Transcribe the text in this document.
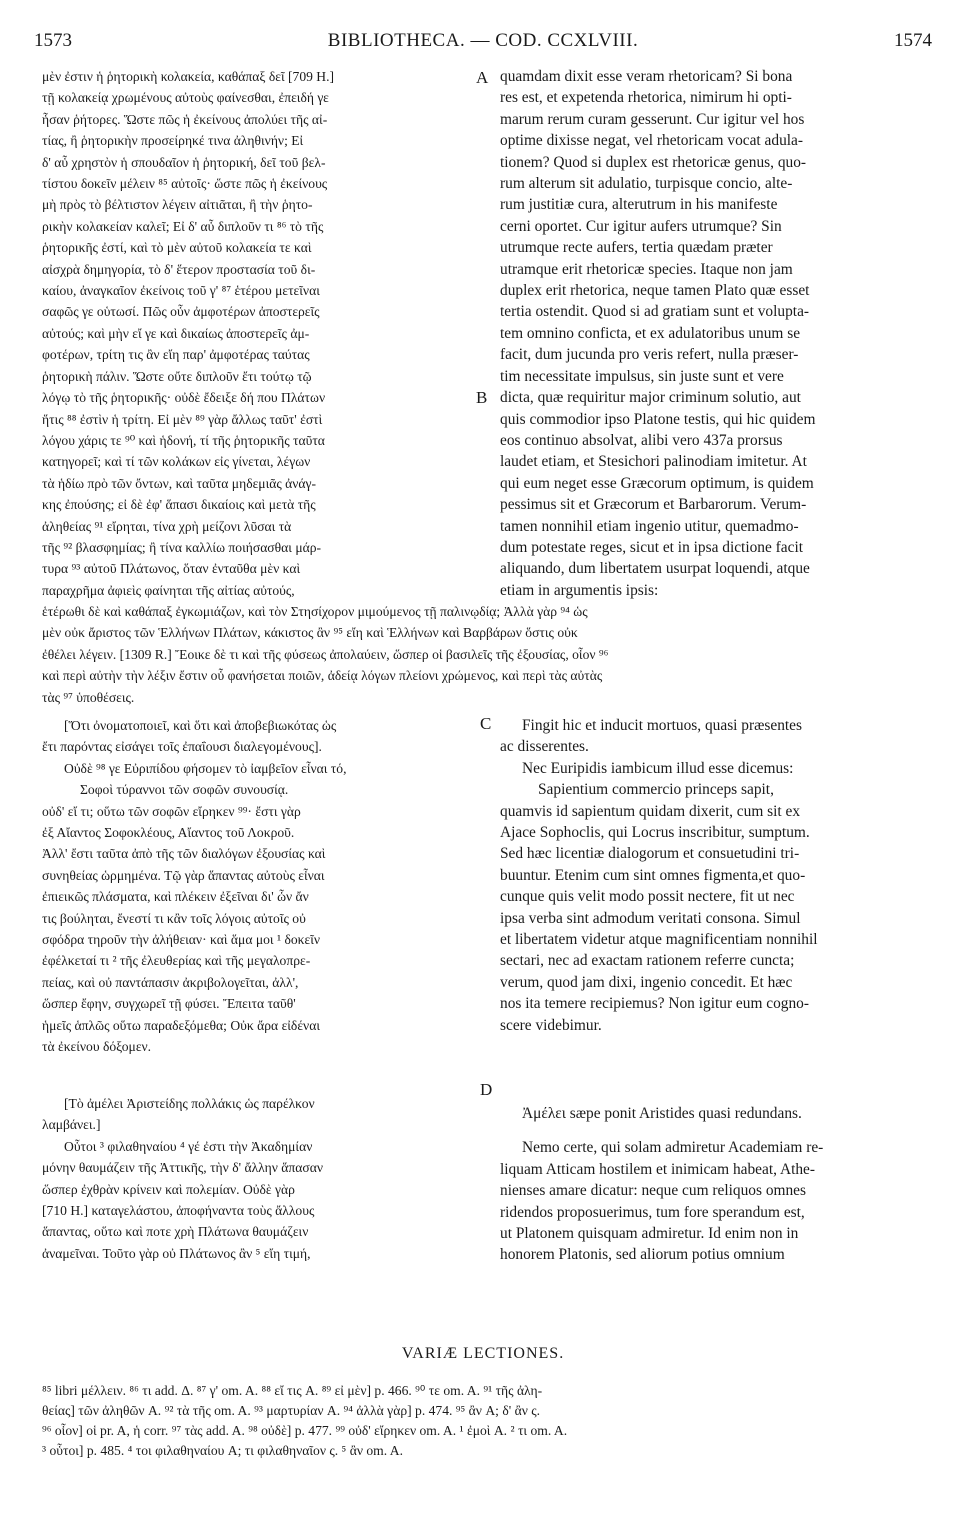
1573	BIBLIOTHECA. — COD. CCXLVIII.	1574
μὲν ἐστιν ἡ ῥητορικὴ κολακεία, καθάπαξ δεῖ [709 H.]
τῇ κολακείᾳ χρωμένους αὐτοὺς φαίνεσθαι, ἐπειδή γε
ἦσαν ῥήτορες. Ὥστε πῶς ἡ ἐκείνους ἀπολύει τῆς αἰ-
τίας, ἢ ῥητορικὴν προσείρηκέ τινα ἀληθινήν; Εἰ
δ' αὖ χρηστὸν ἡ σπουδαῖον ἡ ῥητορική, δεῖ τοῦ βελ-
τίστου δοκεῖν μέλειν ⁸⁵ αὐτοῖς· ὥστε πῶς ἡ ἐκείνους
μὴ πρὸς τὸ βέλτιστον λέγειν αἰτιᾶται, ἢ τὴν ῥητο-
ρικὴν κολακείαν καλεῖ; Εἰ δ' αὖ διπλοῦν τι ⁸⁶ τὸ τῆς
ῥητορικῆς ἐστί, καὶ τὸ μὲν αὐτοῦ κολακεία τε καὶ
αἰσχρὰ δημηγορία, τὸ δ' ἕτερον προστασία τοῦ δι-
καίου, ἀναγκαῖον ἐκείνοις τοῦ γ' ⁸⁷ ἑτέρου μετεῖναι
σαφῶς γε οὑτωσί. Πῶς οὖν ἀμφοτέρων ἀποστερεῖς
αὐτούς; καὶ μὴν εἴ γε καὶ δικαίως ἀποστερεῖς ἀμ-
φοτέρων, τρίτη τις ἂν εἴη παρ' ἀμφοτέρας ταύτας
ῥητορικὴ πάλιν. Ὥστε οὔτε διπλοῦν ἔτι τούτῳ τῷ
λόγῳ τὸ τῆς ῥητορικῆς· οὐδὲ ἔδειξε δή που Πλάτων
ἥτις ⁸⁸ ἐστὶν ἡ τρίτη. Εἰ μὲν ⁸⁹ γὰρ ἄλλως ταῦτ' ἐστὶ
λόγου χάρις τε ⁹⁰ καὶ ἡδονή, τί τῆς ῥητορικῆς ταῦτα
κατηγορεῖ; καὶ τί τῶν κολάκων εἰς γίνεται, λέγων
τὰ ἡδίω πρὸ τῶν ὄντων, καὶ ταῦτα μηδεμιᾶς ἀνάγ-
κης ἐπούσης; εἰ δὲ ἐφ' ἅπασι δικαίοις καὶ μετὰ τῆς
ἀληθείας ⁹¹ εἴρηται, τίνα χρὴ μείζονι λῦσαι τὰ
τῆς ⁹² βλασφημίας; ἢ τίνα καλλίω ποιήσασθαι μάρ-
τυρα ⁹³ αὐτοῦ Πλάτωνος, ὅταν ἐνταῦθα μὲν καὶ
παραχρῆμα ἀφιεὶς φαίνηται τῆς αἰτίας αὐτούς,
A quamdam dixit esse veram rhetoricam? Si bona
res est, et expetenda rhetorica, nimirum hi opti-
marum rerum curam gesserunt. Cur igitur vel hos
optime dixisse negat, vel rhetoricam vocat adula-
tionem? Quod si duplex est rhetoricæ genus, quo-
rum alterum sit adulatio, turpisque concio, alte-
rum justitiæ cura, alterutrum in his manifeste
cerni oportet. Cur igitur aufers utrumque? Sin
utrumque recte aufers, tertia quædam præter
utramque erit rhetoricæ species. Itaque non jam
duplex erit rhetorica, neque tamen Plato quæ esset
tertia ostendit. Quod si ad gratiam sunt et volupta-
tem omnino conficta, et ex adulatoribus unum se
facit, dum jucunda pro veris refert, nulla præser-
tim necessitate impulsus, sin juste sunt et vere
dicta, quæ requiritur major criminum solutio, aut
quis commodior ipso Platone testis, qui hic quidem
eos continuo absolvat, alibi vero 437a prorsus
laudet etiam, et Stesichori palinodiam imitetur. At
qui eum neget esse Græcorum optimum, is quidem
pessimus sit et Græcorum et Barbarorum. Verum-
tamen nonnihil etiam ingenio utitur, quemadmo-
dum potestate reges, sicut et in ipsa dictione facit
aliquando, dum libertatem usurpat loquendi, atque
etiam in argumentis ipsis:
B
ἑτέρωθι δὲ καὶ καθάπαξ ἐγκωμιάζων, καὶ τὸν Στησίχορον μιμούμενος τῇ παλινῳδίᾳ; Ἀλλὰ γὰρ ⁹⁴ ὡς
μὲν οὐκ ἄριστος τῶν Ἑλλήνων Πλάτων, κάκιστος ἂν ⁹⁵ εἴη καὶ Ἑλλήνων καὶ Βαρβάρων ὅστις οὐκ
ἐθέλει λέγειν. [1309 R.] Ἔοικε δὲ τι καὶ τῆς φύσεως ἀπολαύειν, ὥσπερ οἱ βασιλεῖς τῆς ἐξουσίας, οἷον ⁹⁶
καὶ περὶ αὐτὴν τὴν λέξιν ἔστιν οὗ φανήσεται ποιῶν, ἀδείᾳ λόγων πλείονι χρώμενος, καὶ περὶ τὰς αὐτὰς
τὰς ⁹⁷ ὑποθέσεις.
[Ὅτι ὀνοματοποιεῖ, καὶ ὅτι καὶ ἀποβεβιωκότας ὡς
ἔτι παρόντας εἰσάγει τοῖς ἐπαΐουσι διαλεγομένους].
Οὐδὲ ⁹⁸ γε Εὐριπίδου φήσομεν τὸ ἰαμβεῖον εἶναι τό,
Σοφοὶ τύραννοι τῶν σοφῶν συνουσίᾳ.
οὐδ' εἴ τι; οὕτω τῶν σοφῶν εἴρηκεν ⁹⁹· ἔστι γὰρ
ἐξ Αἴαντος Σοφοκλέους, Αἴαντος τοῦ Λοκροῦ.
Ἀλλ' ἔστι ταῦτα ἀπὸ τῆς τῶν διαλόγων ἐξουσίας καὶ
συνηθείας ὡρμημένα. Τῷ γὰρ ἅπαντας αὐτοὺς εἶναι
ἐπιεικῶς πλάσματα, καὶ πλέκειν ἐξεῖναι δι' ὧν ἄν
τις βούληται, ἔνεστί τι κἂν τοῖς λόγοις αὐτοῖς οὐ
σφόδρα τηροῦν τὴν ἀλήθειαν· καὶ ἅμα μοι ¹ δοκεῖν
ἐφέλκεταί τι ² τῆς ἐλευθερίας καὶ τῆς μεγαλοπρε-
πείας, καὶ οὐ παντάπασιν ἀκριβολογεῖται, ἀλλ',
ὥσπερ ἔφην, συγχωρεῖ τῇ φύσει. Ἔπειτα ταῦθ'
ἡμεῖς ἁπλῶς οὕτω παραδεξόμεθα; Οὐκ ἄρα εἰδέναι
τὰ ἐκείνου δόξομεν.
C	Fingit hic et inducit mortuos, quasi præsentes
ac disserentes.
Nec Euripidis iambicum illud esse dicemus:
Sapientium commercio princeps sapit,
quamvis id sapientum quidam dixerit, cum sit ex
Ajace Sophoclis, qui Locrus inscribitur, sumptum.
Sed hæc licentiæ dialogorum et consuetudini tri-
buuntur. Etenim cum sint omnes figmenta,et quo-
cunque quis velit modo possit nectere, fit ut nec
ipsa verba sint admodum veritati consona. Simul
et libertatem videtur atque magnificentiam nonnihil
sectari, nec ad exactam rationem referre cuncta;
verum, quod jam dixi, ingenio concedit. Et hæc
nos ita temere recipiemus? Non igitur eum cogno-
scere videbimur.
[Τὸ ἀμέλει Ἀριστείδης πολλάκις ὡς παρέλκον
λαμβάνει.]
Οὗτοι ³ φιλαθηναίου ⁴ γέ ἐστι τὴν Ἀκαδημίαν
μόνην θαυμάζειν τῆς Ἀττικῆς, τὴν δ' ἄλλην ἅπασαν
ὥσπερ ἐχθρὰν κρίνειν καὶ πολεμίαν. Οὐδὲ γὰρ
[710 H.] καταγελάστου, ἀποφήναντα τοὺς ἄλλους
ἅπαντας, οὕτω καὶ ποτε χρὴ Πλάτωνα θαυμάζειν
ἀναμεῖναι. Τοῦτο γὰρ οὐ Πλάτωνος ἂν ⁵ εἴη τιμή,
D
Ἀμέλει sæpe ponit Aristides quasi redundans.
Nemo certe, qui solam admiretur Academiam re-
liquam Atticam hostilem et inimicam habeat, Athe-
nienses amare dicatur: neque cum reliquos omnes
ridendos proposuerimus, tum fore sperandum est,
ut Platonem quisquam admiretur. Id enim non in
honorem Platonis, sed aliorum potius omnium
VARIÆ LECTIONES.
⁸⁵ libri μέλλειν. ⁸⁶ τι add. Δ. ⁸⁷ γ' om. A. ⁸⁸ εἴ τις A. ⁸⁹ εἰ μὲν] p. 466. ⁹⁰ τε om. A. ⁹¹ τῆς ἀλη-
θείας] τῶν ἀληθῶν A. ⁹² τὰ τῆς om. A. ⁹³ μαρτυρίαν A. ⁹⁴ ἀλλὰ γὰρ] p. 474. ⁹⁵ ἂν A; δ' ἂν ς.
⁹⁶ οἷον] οἱ pr. A, ἡ corr. ⁹⁷ τὰς add. A. ⁹⁸ οὐδὲ] p. 477. ⁹⁹ οὐδ' εἴρηκεν om. A. ¹ ἐμοὶ A. ² τι om. A.
³ οὗτοι] p. 485. ⁴ τοι φιλαθηναίου A; τι φιλαθηναῖον ς. ⁵ ἂν om. A.
